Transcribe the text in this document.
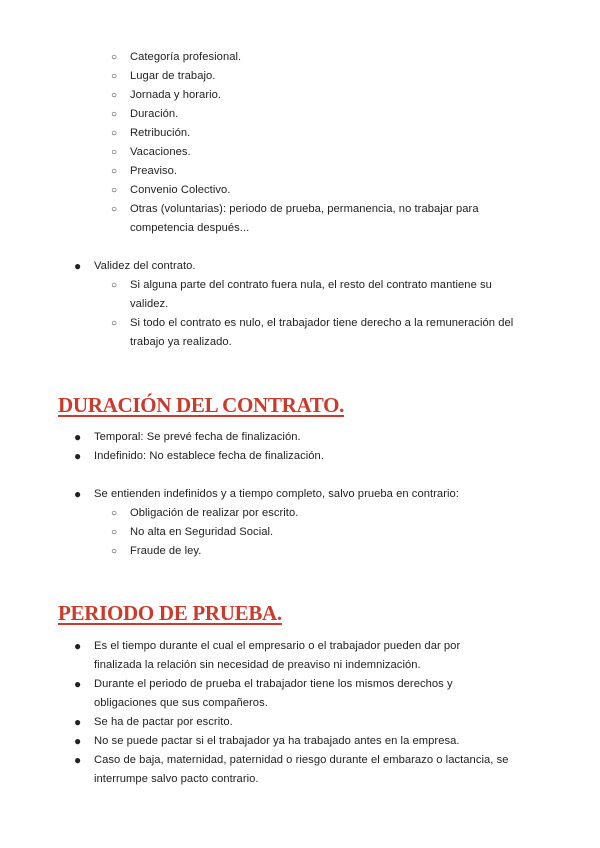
○ Categoría profesional.
○ Lugar de trabajo.
○ Jornada y horario.
○ Duración.
○ Retribución.
○ Vacaciones.
○ Preaviso.
○ Convenio Colectivo.
○ Otras (voluntarias): periodo de prueba, permanencia, no trabajar para
competencia después...
● Validez del contrato.
○ Si alguna parte del contrato fuera nula, el resto del contrato mantiene su
validez.
○ Si todo el contrato es nulo, el trabajador tiene derecho a la remuneración del
trabajo ya realizado.
DURACIÓN DEL CONTRATO.
● Temporal: Se prevé fecha de finalización.
● Indefinido: No establece fecha de finalización.
● Se entienden indefinidos y a tiempo completo, salvo prueba en contrario:
○ Obligación de realizar por escrito.
○ No alta en Seguridad Social.
○ Fraude de ley.
PERIODO DE PRUEBA.
● Es el tiempo durante el cual el empresario o el trabajador pueden dar por
finalizada la relación sin necesidad de preaviso ni indemnización.
● Durante el periodo de prueba el trabajador tiene los mismos derechos y
obligaciones que sus compañeros.
● Se ha de pactar por escrito.
● No se puede pactar si el trabajador ya ha trabajado antes en la empresa.
● Caso de baja, maternidad, paternidad o riesgo durante el embarazo o lactancia, se
interrumpe salvo pacto contrario.
